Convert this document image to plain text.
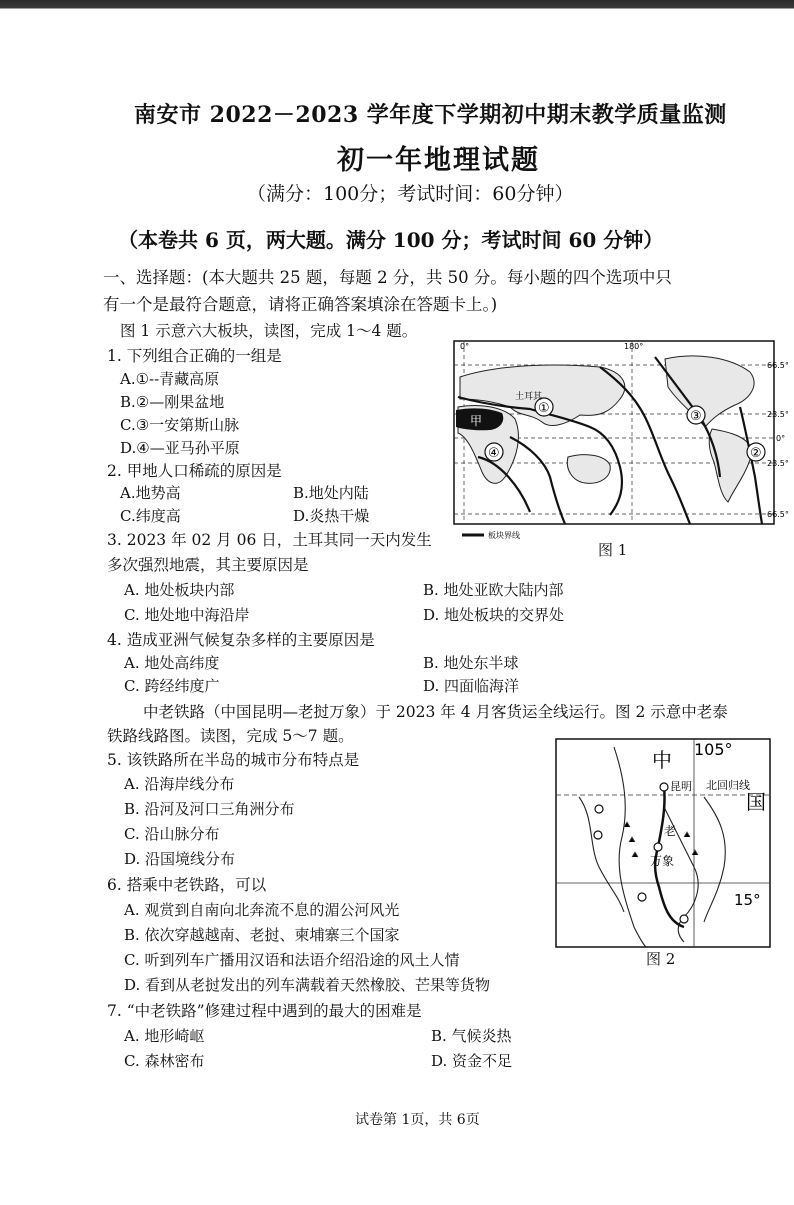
南安市 2022－2023 学年度下学期初中期末教学质量监测
初一年地理试题
（满分：100分；考试时间：60分钟）
（本卷共 6 页，两大题。满分 100 分；考试时间 60 分钟）
一、选择题：(本大题共 25 题，每题 2 分，共 50 分。每小题的四个选项中只
有一个是最符合题意，请将正确答案填涂在答题卡上。)
图 1 示意六大板块，读图，完成 1～4 题。
1. 下列组合正确的一组是
A.①--青藏高原
B.②—刚果盆地
C.③一安第斯山脉
D.④—亚马孙平原
2. 甲地人口稀疏的原因是
A.地势高	B.地处内陆
C.纬度高	D.炎热干燥
3. 2023 年 02 月 06 日，土耳其同一天内发生
多次强烈地震，其主要原因是
A. 地处板块内部	B. 地处亚欧大陆内部
C. 地处地中海沿岸	D. 地处板块的交界处
4. 造成亚洲气候复杂多样的主要原因是
A. 地处高纬度	B. 地处东半球
C. 跨经纬度广	D. 四面临海洋
中老铁路（中国昆明—老挝万象）于 2023 年 4 月客货运全线运行。图 2 示意中老泰
铁路线路图。读图，完成 5～7 题。
5. 该铁路所在半岛的城市分布特点是
A. 沿海岸线分布
B. 沿河及河口三角洲分布
C. 沿山脉分布
D. 沿国境线分布
6. 搭乘中老铁路，可以
A. 观赏到自南向北奔流不息的湄公河风光
B. 依次穿越越南、老挝、柬埔寨三个国家
C. 听到列车广播用汉语和法语介绍沿途的风土人情
D. 看到从老挝发出的列车满载着天然橡胶、芒果等货物
7. “中老铁路”修建过程中遇到的最大的困难是
A. 地形崎岖	B. 气候炎热
C. 森林密布	D. 资金不足
试卷第 1页，共 6页
①
②
③
④
土耳其
甲
0°	180°
66.5°
23.5°
0°
23.5°
66.5°
板块界线
图 1
中
国
105°
北回归线
昆明
老
万象
15°
图 2
